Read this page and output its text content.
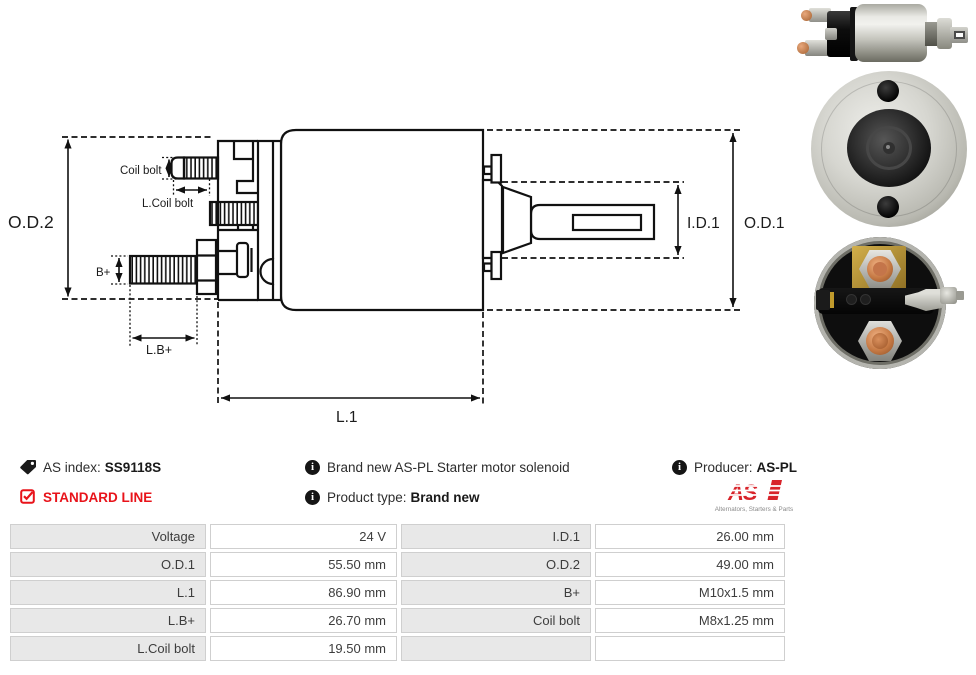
O.D.2
Coil bolt
L.Coil bolt
B+
L.B+
L.1
I.D.1 O.D.1
AS index: SS9118S
STANDARD LINE
i Brand new AS-PL Starter motor solenoid
i Product type: Brand new
i Producer: AS-PL
AS
Alternators, Starters & Parts
Voltage	24 V	I.D.1	26.00 mm
O.D.1	55.50 mm	O.D.2	49.00 mm
L.1	86.90 mm	B+	M10x1.5 mm
L.B+	26.70 mm	Coil bolt	M8x1.25 mm
L.Coil bolt	19.50 mm
